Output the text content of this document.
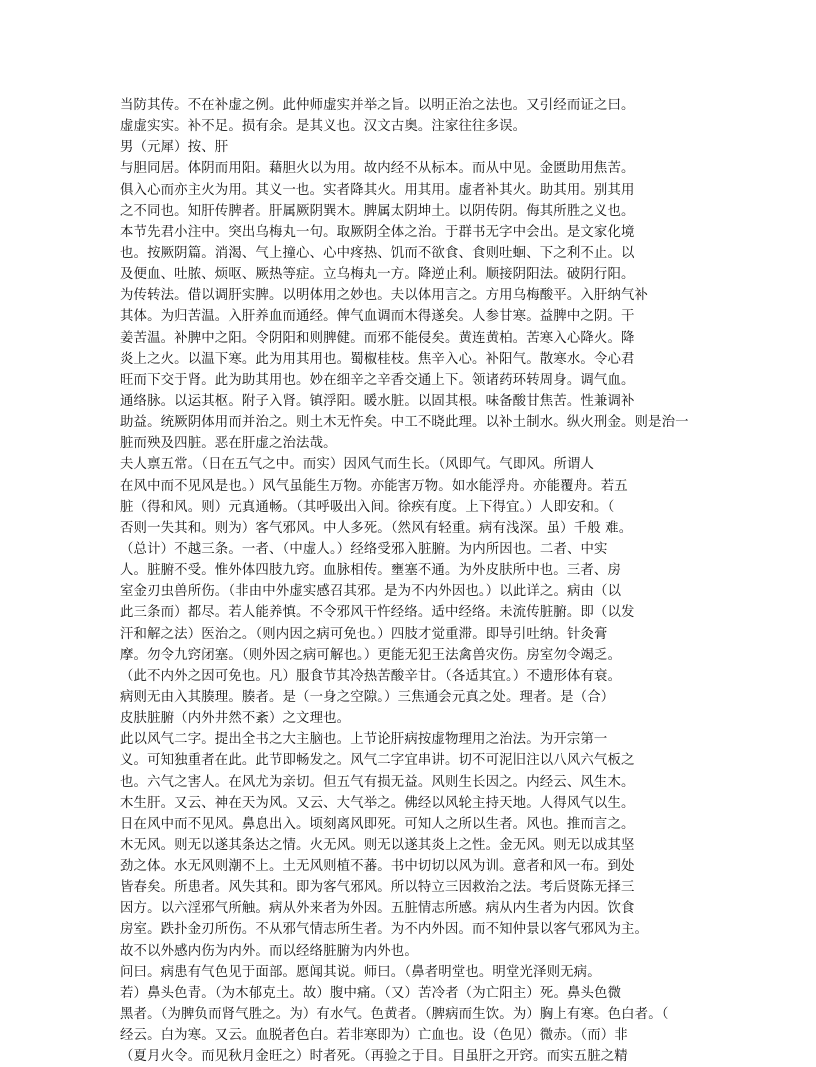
当防其传。不在补虚之例。此仲师虚实并举之旨。以明正治之法也。又引经而证之曰。
虚虚实实。补不足。损有余。是其义也。汉文古奥。注家往往多误。
男（元犀）按、肝
与胆同居。体阴而用阳。藉胆火以为用。故内经不从标本。而从中见。金匮助用焦苦。
俱入心而亦主火为用。其义一也。实者降其火。用其用。虚者补其火。助其用。别其用
之不同也。知肝传脾者。肝属厥阴巽木。脾属太阴坤土。以阴传阴。侮其所胜之义也。
本节先君小注中。突出乌梅丸一句。取厥阴全体之治。于群书无字中会出。是文家化境
也。按厥阴篇。消渴、气上撞心、心中疼热、饥而不欲食、食则吐蛔、下之利不止。以
及便血、吐脓、烦呕、厥热等症。立乌梅丸一方。降逆止利。顺接阴阳法。破阴行阳。
为传转法。借以调肝实脾。以明体用之妙也。夫以体用言之。方用乌梅酸平。入肝纳气补
其体。为归苦温。入肝养血而通经。俾气血调而木得遂矣。人参甘寒。益脾中之阴。干
姜苦温。补脾中之阳。令阴阳和则脾健。而邪不能侵矣。黄连黄柏。苦寒入心降火。降
炎上之火。以温下寒。此为用其用也。蜀椒桂枝。焦辛入心。补阳气。散寒水。令心君
旺而下交于肾。此为助其用也。妙在细辛之辛香交通上下。领诸药环转周身。调气血。
通络脉。以运其枢。附子入肾。镇浮阳。暖水脏。以固其根。味备酸甘焦苦。性兼调补
助益。统厥阴体用而并治之。则土木无忤矣。中工不晓此理。以补土制水。纵火刑金。则是治一
脏而殃及四脏。恶在肝虚之治法哉。
夫人禀五常。（日在五气之中。而实）因风气而生长。（风即气。气即风。所谓人
在风中而不见风是也。）风气虽能生万物。亦能害万物。如水能浮舟。亦能覆舟。若五
脏（得和风。则）元真通畅。（其呼吸出入间。徐疾有度。上下得宜。）人即安和。（
否则一失其和。则为）客气邪风。中人多死。（然风有轻重。病有浅深。虽）千般 难。
（总计）不越三条。一者、（中虚人。）经络受邪入脏腑。为内所因也。二者、中实
人。脏腑不受。惟外体四肢九窍。血脉相传。壅塞不通。为外皮肤所中也。三者、房
室金刃虫兽所伤。（非由中外虚实感召其邪。是为不内外因也。）以此详之。病由（以
此三条而）都尽。若人能养慎。不令邪风干忤经络。适中经络。未流传脏腑。即（以发
汗和解之法）医治之。（则内因之病可免也。）四肢才觉重滞。即导引吐纳。针灸膏
摩。勿令九窍闭塞。（则外因之病可解也。）更能无犯王法禽兽灾伤。房室勿令竭乏。
（此不内外之因可免也。凡）服食节其冷热苦酸辛甘。（各适其宜。）不遗形体有衰。
病则无由入其腠理。腠者。是（一身之空隙。）三焦通会元真之处。理者。是（合）
皮肤脏腑（内外井然不紊）之文理也。
此以风气二字。提出全书之大主脑也。上节论肝病按虚物理用之治法。为开宗第一
义。可知独重者在此。此节即畅发之。风气二字宜串讲。切不可泥旧注以八风六气板之
也。六气之害人。在风尤为亲切。但五气有损无益。风则生长因之。内经云、风生木。
木生肝。又云、神在天为风。又云、大气举之。佛经以风轮主持天地。人得风气以生。
日在风中而不见风。鼻息出入。顷刻离风即死。可知人之所以生者。风也。推而言之。
木无风。则无以遂其条达之情。火无风。则无以遂其炎上之性。金无风。则无以成其坚
劲之体。水无风则潮不上。土无风则植不蕃。书中切切以风为训。意者和风一布。到处
皆春矣。所患者。风失其和。即为客气邪风。所以特立三因救治之法。考后贤陈无择三
因方。以六淫邪气所触。病从外来者为外因。五脏情志所感。病从内生者为内因。饮食
房室。跌扑金刃所伤。不从邪气情志所生者。为不内外因。而不知仲景以客气邪风为主。
故不以外感内伤为内外。而以经络脏腑为内外也。
问曰。病患有气色见于面部。愿闻其说。师曰。（鼻者明堂也。明堂光泽则无病。
若）鼻头色青。（为木郁克土。故）腹中痛。（又）苦冷者（为亡阳主）死。鼻头色微
黑者。（为脾负而肾气胜之。为）有水气。色黄者。（脾病而生饮。为）胸上有寒。色白者。（
经云。白为寒。又云。血脱者色白。若非寒即为）亡血也。设（色见）微赤。（而）非
（夏月火令。而见秋月金旺之）时者死。（再验之于目。目虽肝之开窍。而实五脏之精
